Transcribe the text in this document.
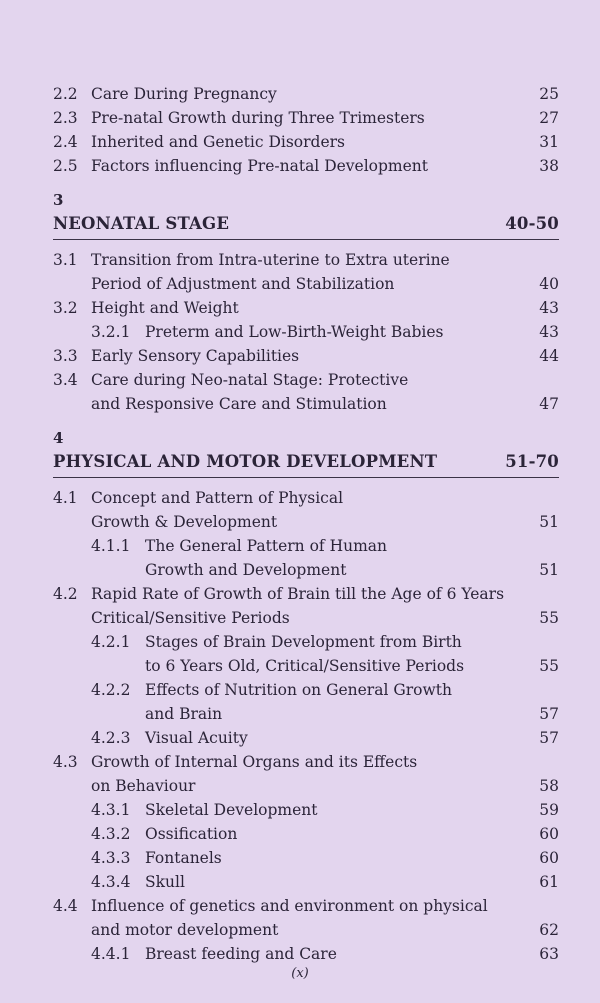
2.2 Care During Pregnancy	25
2.3 Pre-natal Growth during Three Trimesters	27
2.4 Inherited and Genetic Disorders	31
2.5 Factors influencing Pre-natal Development	38
3
NEONATAL STAGE	40-50
3.1 Transition from Intra-uterine to Extra uterine
Period of Adjustment and Stabilization	40
3.2 Height and Weight	43
3.2.1 Preterm and Low-Birth-Weight Babies	43
3.3 Early Sensory Capabilities	44
3.4 Care during Neo-natal Stage: Protective
and Responsive Care and Stimulation	47
4
PHYSICAL AND MOTOR DEVELOPMENT	51-70
4.1 Concept and Pattern of Physical
Growth & Development	51
4.1.1 The General Pattern of Human
Growth and Development	51
4.2 Rapid Rate of Growth of Brain till the Age of 6 Years
Critical/Sensitive Periods	55
4.2.1 Stages of Brain Development from Birth
to 6 Years Old, Critical/Sensitive Periods	55
4.2.2 Effects of Nutrition on General Growth
and Brain	57
4.2.3 Visual Acuity	57
4.3 Growth of Internal Organs and its Effects
on Behaviour	58
4.3.1 Skeletal Development	59
4.3.2 Ossification	60
4.3.3 Fontanels	60
4.3.4 Skull	61
4.4 Influence of genetics and environment on physical
and motor development	62
4.4.1 Breast feeding and Care	63
(x)
